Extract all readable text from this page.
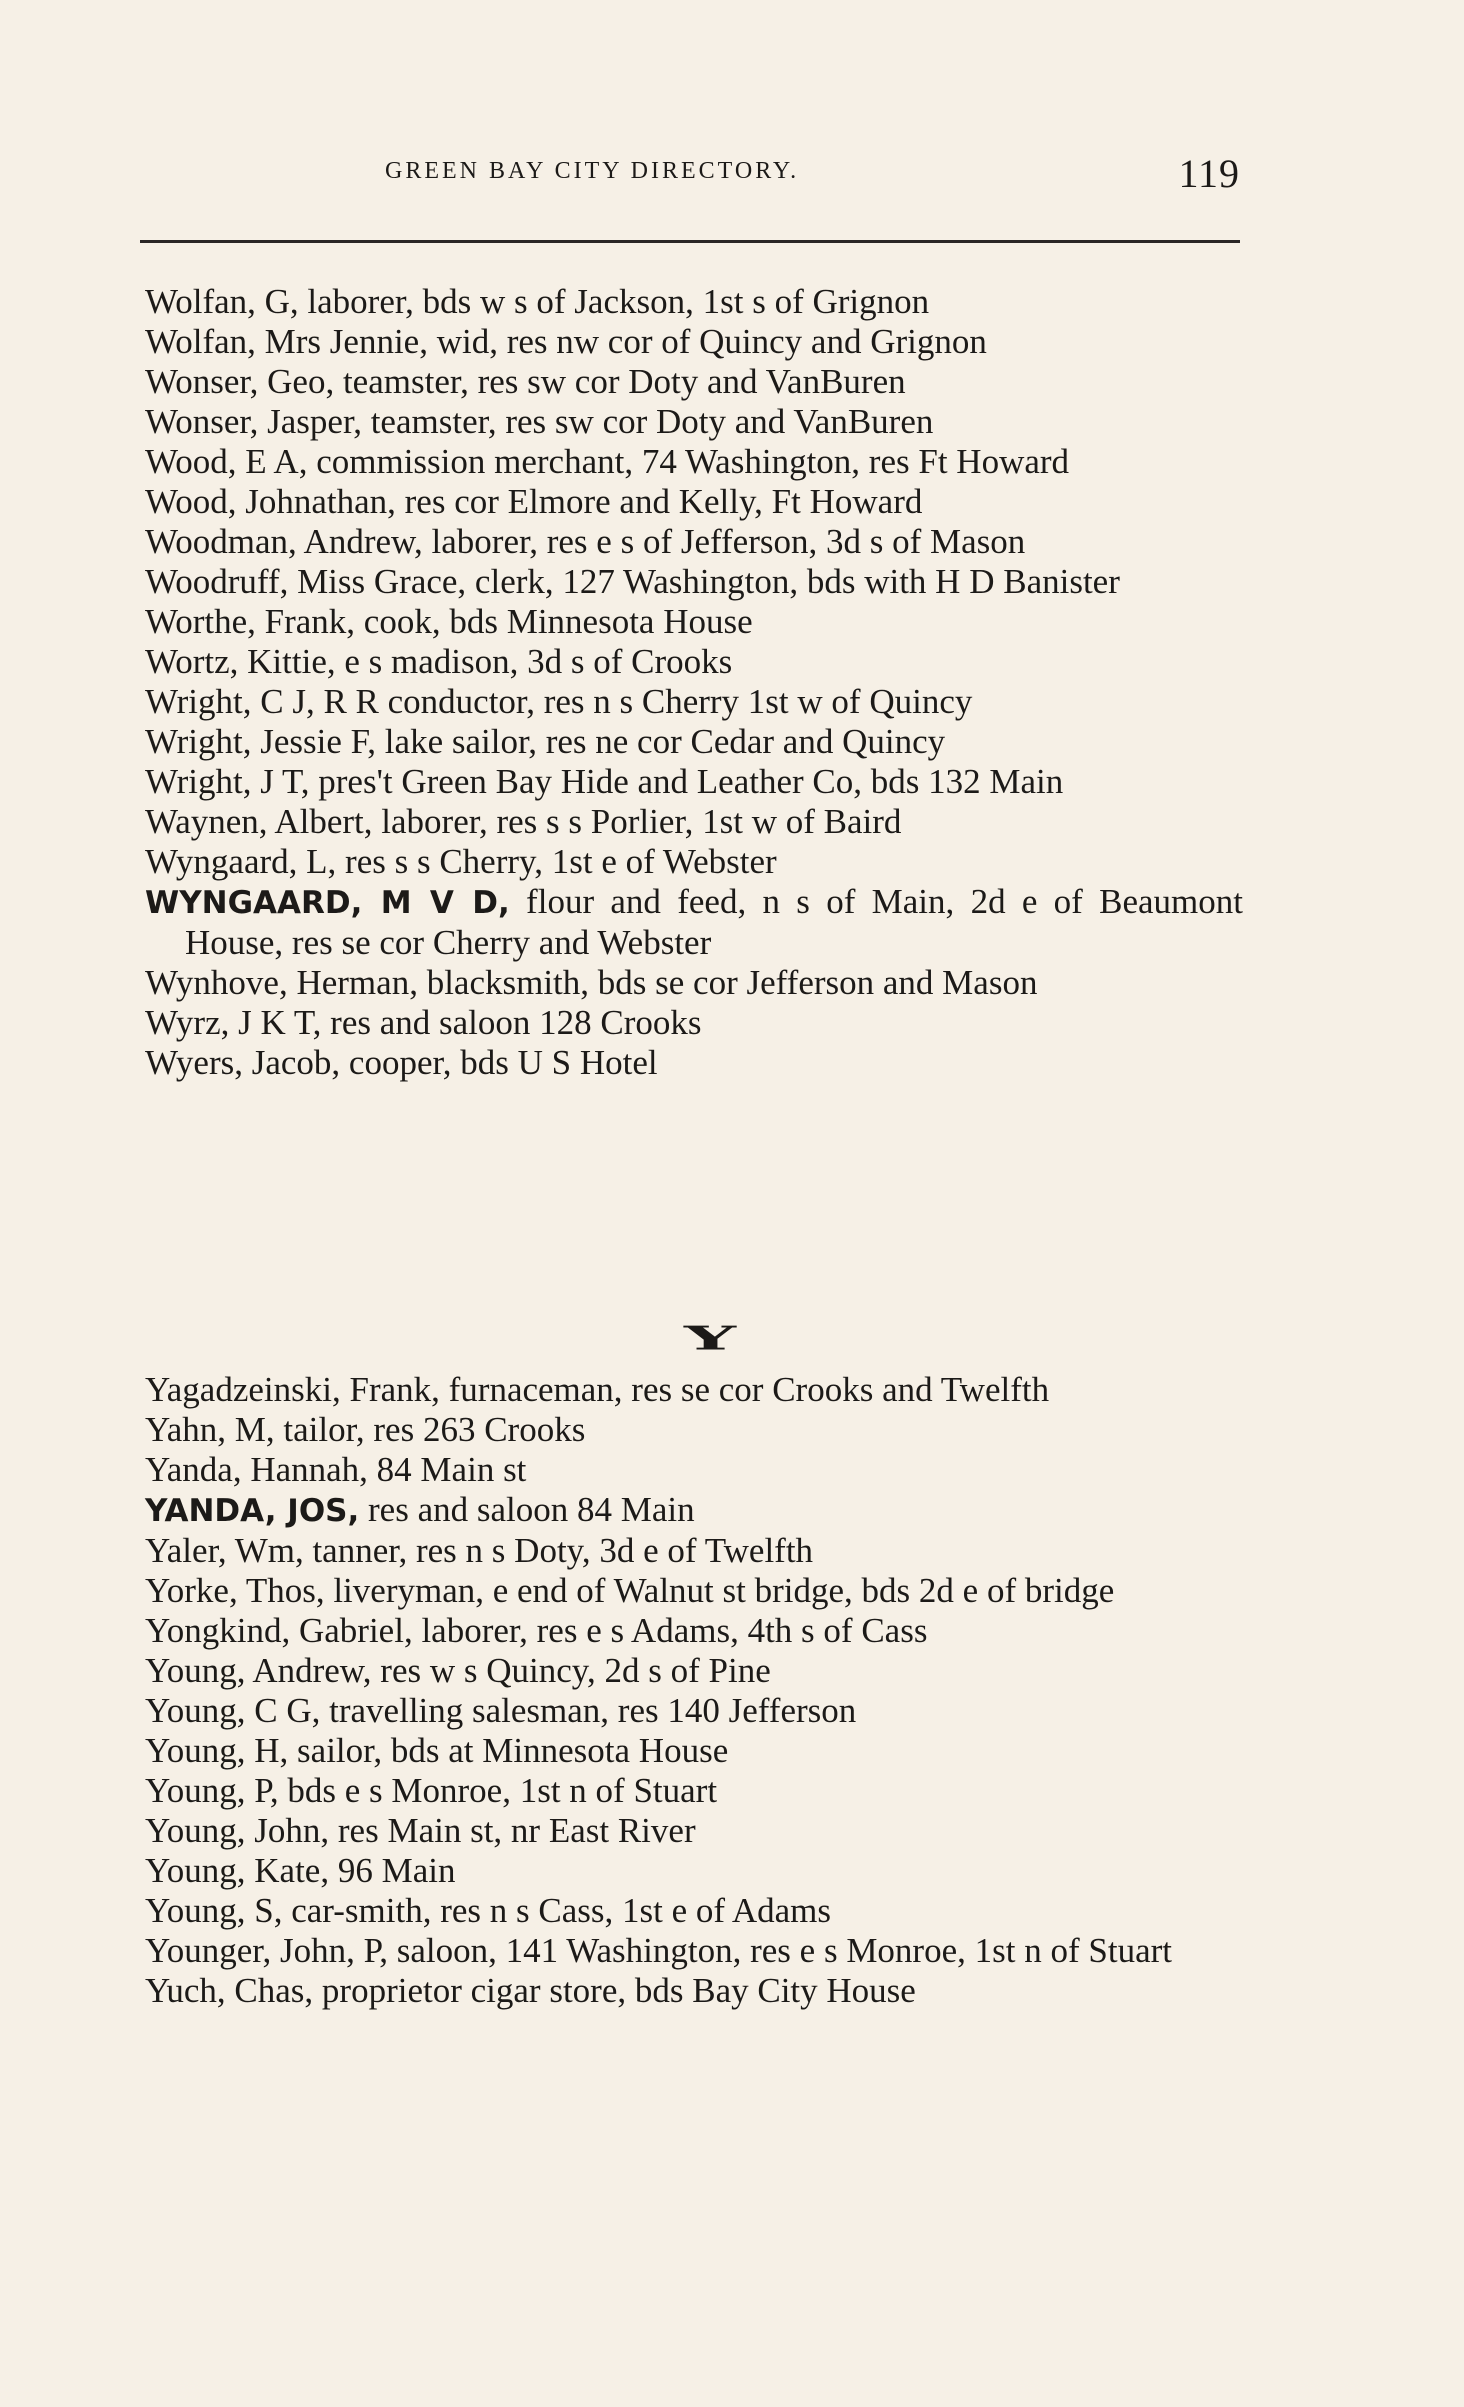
GREEN BAY CITY DIRECTORY.	119

Wolfan, G, laborer, bds w s of Jackson, 1st s of Grignon

Wolfan, Mrs Jennie, wid, res nw cor of Quincy and Grignon

Wonser, Geo, teamster, res sw cor Doty and VanBuren

Wonser, Jasper, teamster, res sw cor Doty and VanBuren

Wood, E A, commission merchant, 74 Washington, res Ft Howard

Wood, Johnathan, res cor Elmore and Kelly, Ft Howard

Woodman, Andrew, laborer, res e s of Jefferson, 3d s of Mason

Woodruff, Miss Grace, clerk, 127 Washington, bds with H D Banister

Worthe, Frank, cook, bds Minnesota House

Wortz, Kittie, e s madison, 3d s of Crooks

Wright, C J, R R conductor, res n s Cherry 1st w of Quincy

Wright, Jessie F, lake sailor, res ne cor Cedar and Quincy

Wright, J T, pres't Green Bay Hide and Leather Co, bds 132 Main

Waynen, Albert, laborer, res s s Porlier, 1st w of Baird

Wyngaard, L, res s s Cherry, 1st e of Webster

WYNGAARD, M V D, flour and feed, n s of Main, 2d e of Beaumont House, res se cor Cherry and Webster

Wynhove, Herman, blacksmith, bds se cor Jefferson and Mason

Wyrz, J K T, res and saloon 128 Crooks

Wyers, Jacob, cooper, bds U S Hotel

Y

Yagadzeinski, Frank, furnaceman, res se cor Crooks and Twelfth

Yahn, M, tailor, res 263 Crooks

Yanda, Hannah, 84 Main st

YANDA, JOS, res and saloon 84 Main

Yaler, Wm, tanner, res n s Doty, 3d e of Twelfth

Yorke, Thos, liveryman, e end of Walnut st bridge, bds 2d e of bridge

Yongkind, Gabriel, laborer, res e s Adams, 4th s of Cass

Young, Andrew, res w s Quincy, 2d s of Pine

Young, C G, travelling salesman, res 140 Jefferson

Young, H, sailor, bds at Minnesota House

Young, P, bds e s Monroe, 1st n of Stuart

Young, John, res Main st, nr East River

Young, Kate, 96 Main

Young, S, car-smith, res n s Cass, 1st e of Adams

Younger, John, P, saloon, 141 Washington, res e s Monroe, 1st n of Stuart

Yuch, Chas, proprietor cigar store, bds Bay City House
